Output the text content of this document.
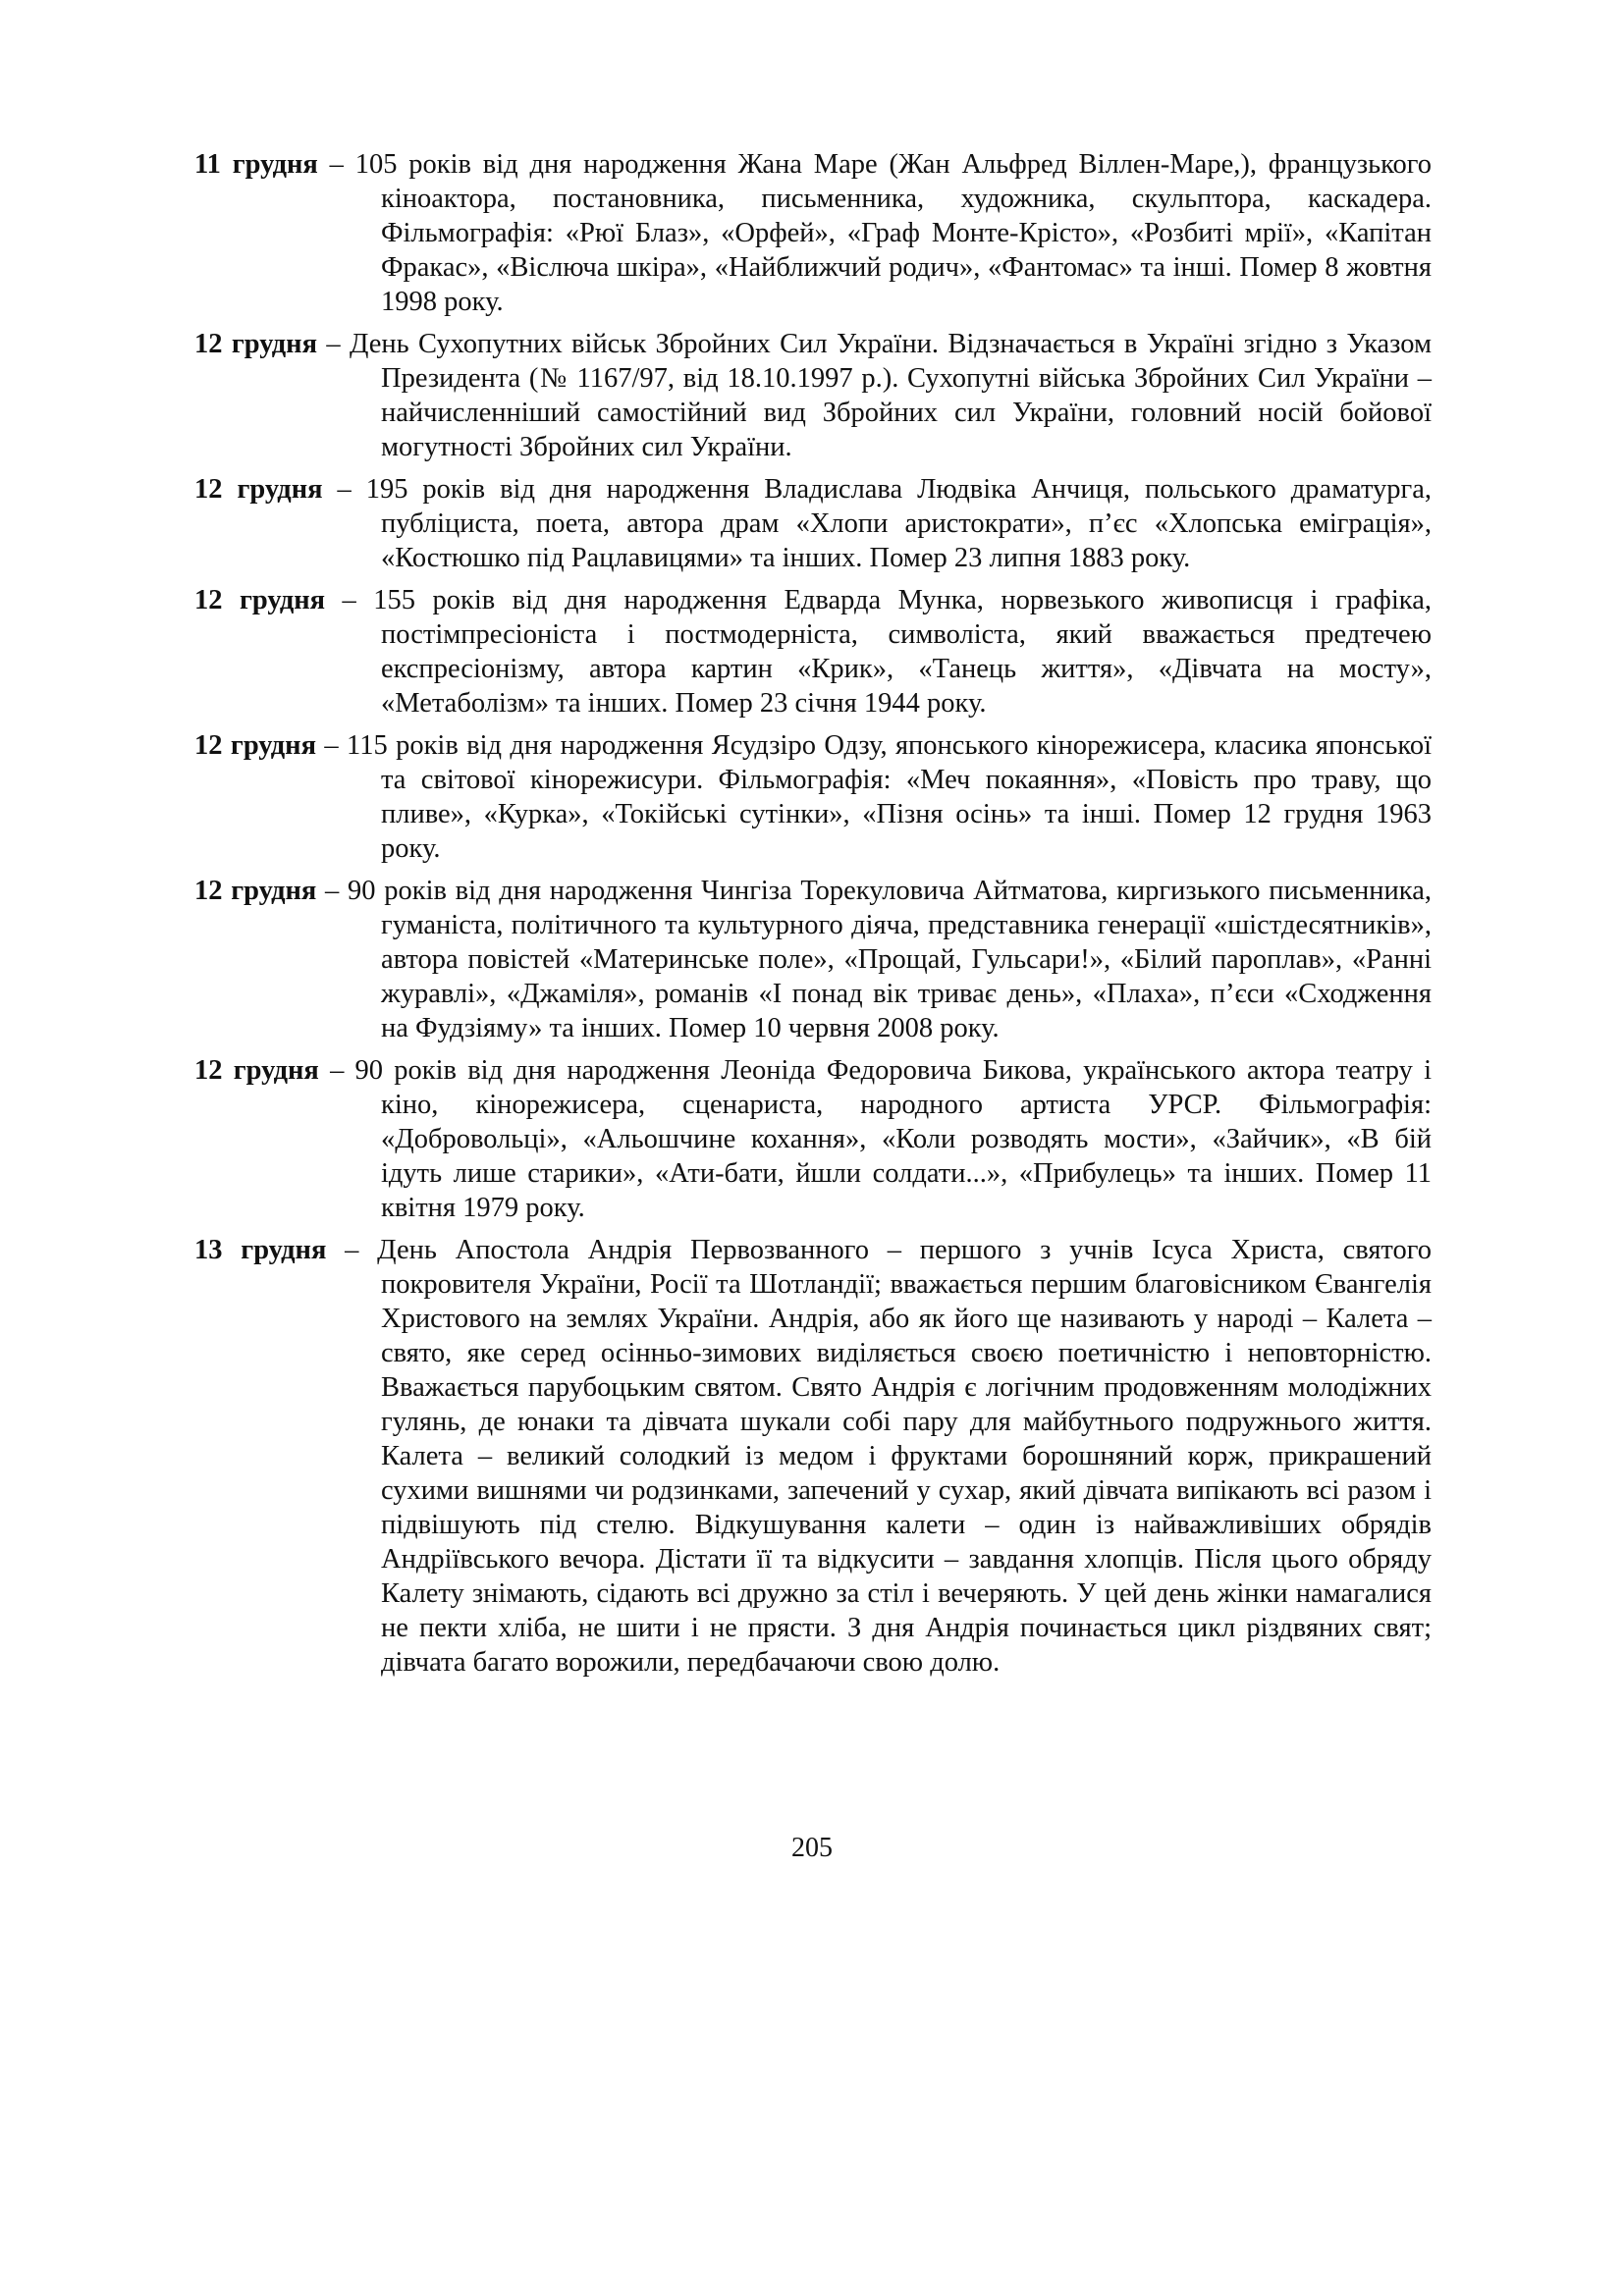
11 грудня – 105 років від дня народження Жана Маре (Жан Альфред Віллен-Маре,), французького кіноактора, постановника, письменника, художника, скульптора, каскадера. Фільмографія: «Рюї Блаз», «Орфей», «Граф Монте-Крісто», «Розбиті мрії», «Капітан Фракас», «Віслюча шкіра», «Найближчий родич», «Фантомас» та інші. Помер 8 жовтня 1998 року.
12 грудня – День Сухопутних військ Збройних Сил України. Відзначається в Україні згідно з Указом Президента (№ 1167/97, від 18.10.1997 р.). Сухопутні війська Збройних Сил України – найчисленніший самостійний вид Збройних сил України, головний носій бойової могутності Збройних сил України.
12 грудня – 195 років від дня народження Владислава Людвіка Анчиця, польського драматурга, публіциста, поета, автора драм «Хлопи аристократи», п’єс «Хлопська еміграція», «Костюшко під Рацлавицями» та інших. Помер 23 липня 1883 року.
12 грудня – 155 років від дня народження Едварда Мунка, норвезького живописця і графіка, постімпресіоніста і постмодерніста, символіста, який вважається предтечею експресіонізму, автора картин «Крик», «Танець життя», «Дівчата на мосту», «Метаболізм» та інших. Помер 23 січня 1944 року.
12 грудня – 115 років від дня народження Ясудзіро Одзу, японського кінорежисера, класика японської та світової кінорежисури. Фільмографія: «Меч покаяння», «Повість про траву, що пливе», «Курка», «Токійські сутінки», «Пізня осінь» та інші. Помер 12 грудня 1963 року.
12 грудня – 90 років від дня народження Чингіза Торекуловича Айтматова, киргизького письменника, гуманіста, політичного та культурного діяча, представника генерації «шістдесятників», автора повістей «Материнське поле», «Прощай, Гульсари!», «Білий пароплав», «Ранні журавлі», «Джаміля», романів «І понад вік триває день», «Плаха», п’єси «Сходження на Фудзіяму» та інших. Помер 10 червня 2008 року.
12 грудня – 90 років від дня народження Леоніда Федоровича Бикова, українського актора театру і кіно, кінорежисера, сценариста, народного артиста УРСР. Фільмографія: «Добровольці», «Альошчине кохання», «Коли розводять мости», «Зайчик», «В бій ідуть лише старики», «Ати-бати, йшли солдати...», «Прибулець» та інших. Помер 11 квітня 1979 року.
13 грудня – День Апостола Андрія Первозванного – першого з учнів Ісуса Христа, святого покровителя України, Росії та Шотландії; вважається першим благовісником Євангелія Христового на землях України. Андрія, або як його ще називають у народі – Калета – свято, яке серед осінньо-зимових виділяється своєю поетичністю і неповторністю. Вважається парубоцьким святом. Свято Андрія є логічним продовженням молодіжних гулянь, де юнаки та дівчата шукали собі пару для майбутнього подружнього життя. Калета – великий солодкий із медом і фруктами борошняний корж, прикрашений сухими вишнями чи родзинками, запечений у сухар, який дівчата випікають всі разом і підвішують під стелю. Відкушування калети – один із найважливіших обрядів Андріївського вечора. Дістати її та відкусити – завдання хлопців. Після цього обряду Калету знімають, сідають всі дружно за стіл і вечеряють. У цей день жінки намагалися не пекти хліба, не шити і не прясти. З дня Андрія починається цикл різдвяних свят; дівчата багато ворожили, передбачаючи свою долю.
205
